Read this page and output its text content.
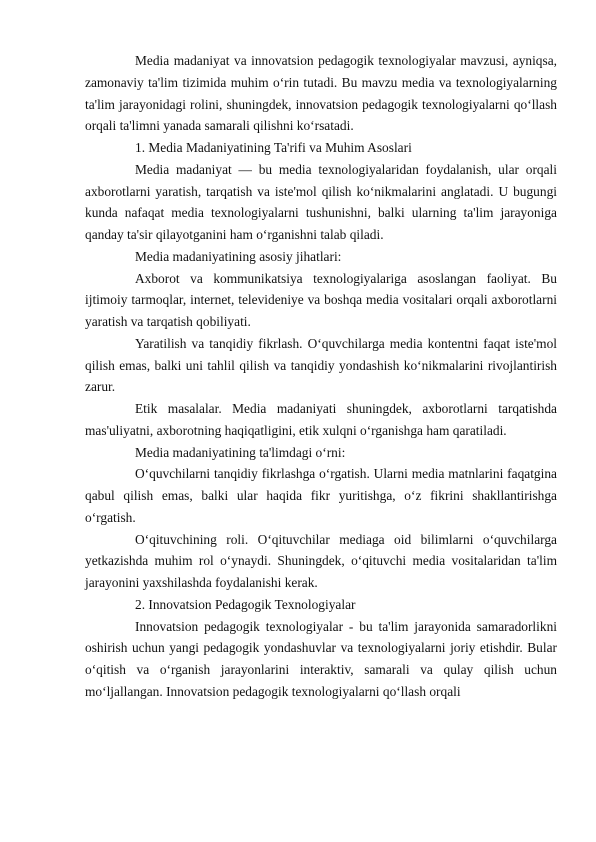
Media madaniyat va innovatsion pedagogik texnologiyalar mavzusi, ayniqsa, zamonaviy ta'lim tizimida muhim o‘rin tutadi. Bu mavzu media va texnologiyalarning ta'lim jarayonidagi rolini, shuningdek, innovatsion pedagogik texnologiyalarni qo‘llash orqali ta'limni yanada samarali qilishni ko‘rsatadi.

1. Media Madaniyatining Ta'rifi va Muhim Asoslari

Media madaniyat — bu media texnologiyalaridan foydalanish, ular orqali axborotlarni yaratish, tarqatish va iste'mol qilish ko‘nikmalarini anglatadi. U bugungi kunda nafaqat media texnologiyalarni tushunishni, balki ularning ta'lim jarayoniga qanday ta'sir qilayotganini ham o‘rganishni talab qiladi.

Media madaniyatining asosiy jihatlari:

Axborot va kommunikatsiya texnologiyalariga asoslangan faoliyat. Bu ijtimoiy tarmoqlar, internet, televideniye va boshqa media vositalari orqali axborotlarni yaratish va tarqatish qobiliyati.

Yaratilish va tanqidiy fikrlash. O‘quvchilarga media kontentni faqat iste'mol qilish emas, balki uni tahlil qilish va tanqidiy yondashish ko‘nikmalarini rivojlantirish zarur.

Etik masalalar. Media madaniyati shuningdek, axborotlarni tarqatishda mas'uliyatni, axborotning haqiqatligini, etik xulqni o‘rganishga ham qaratiladi.

Media madaniyatining ta'limdagi o‘rni:

O‘quvchilarni tanqidiy fikrlashga o‘rgatish. Ularni media matnlarini faqatgina qabul qilish emas, balki ular haqida fikr yuritishga, o‘z fikrini shakllantirishga o‘rgatish.

O‘qituvchining roli. O‘qituvchilar mediaga oid bilimlarni o‘quvchilarga yetkazishda muhim rol o‘ynaydi. Shuningdek, o‘qituvchi media vositalaridan ta'lim jarayonini yaxshilashda foydalanishi kerak.

2. Innovatsion Pedagogik Texnologiyalar

Innovatsion pedagogik texnologiyalar - bu ta'lim jarayonida samaradorlikni oshirish uchun yangi pedagogik yondashuvlar va texnologiyalarni joriy etishdir. Bular o‘qitish va o‘rganish jarayonlarini interaktiv, samarali va qulay qilish uchun mo‘ljallangan. Innovatsion pedagogik texnologiyalarni qo‘llash orqali
